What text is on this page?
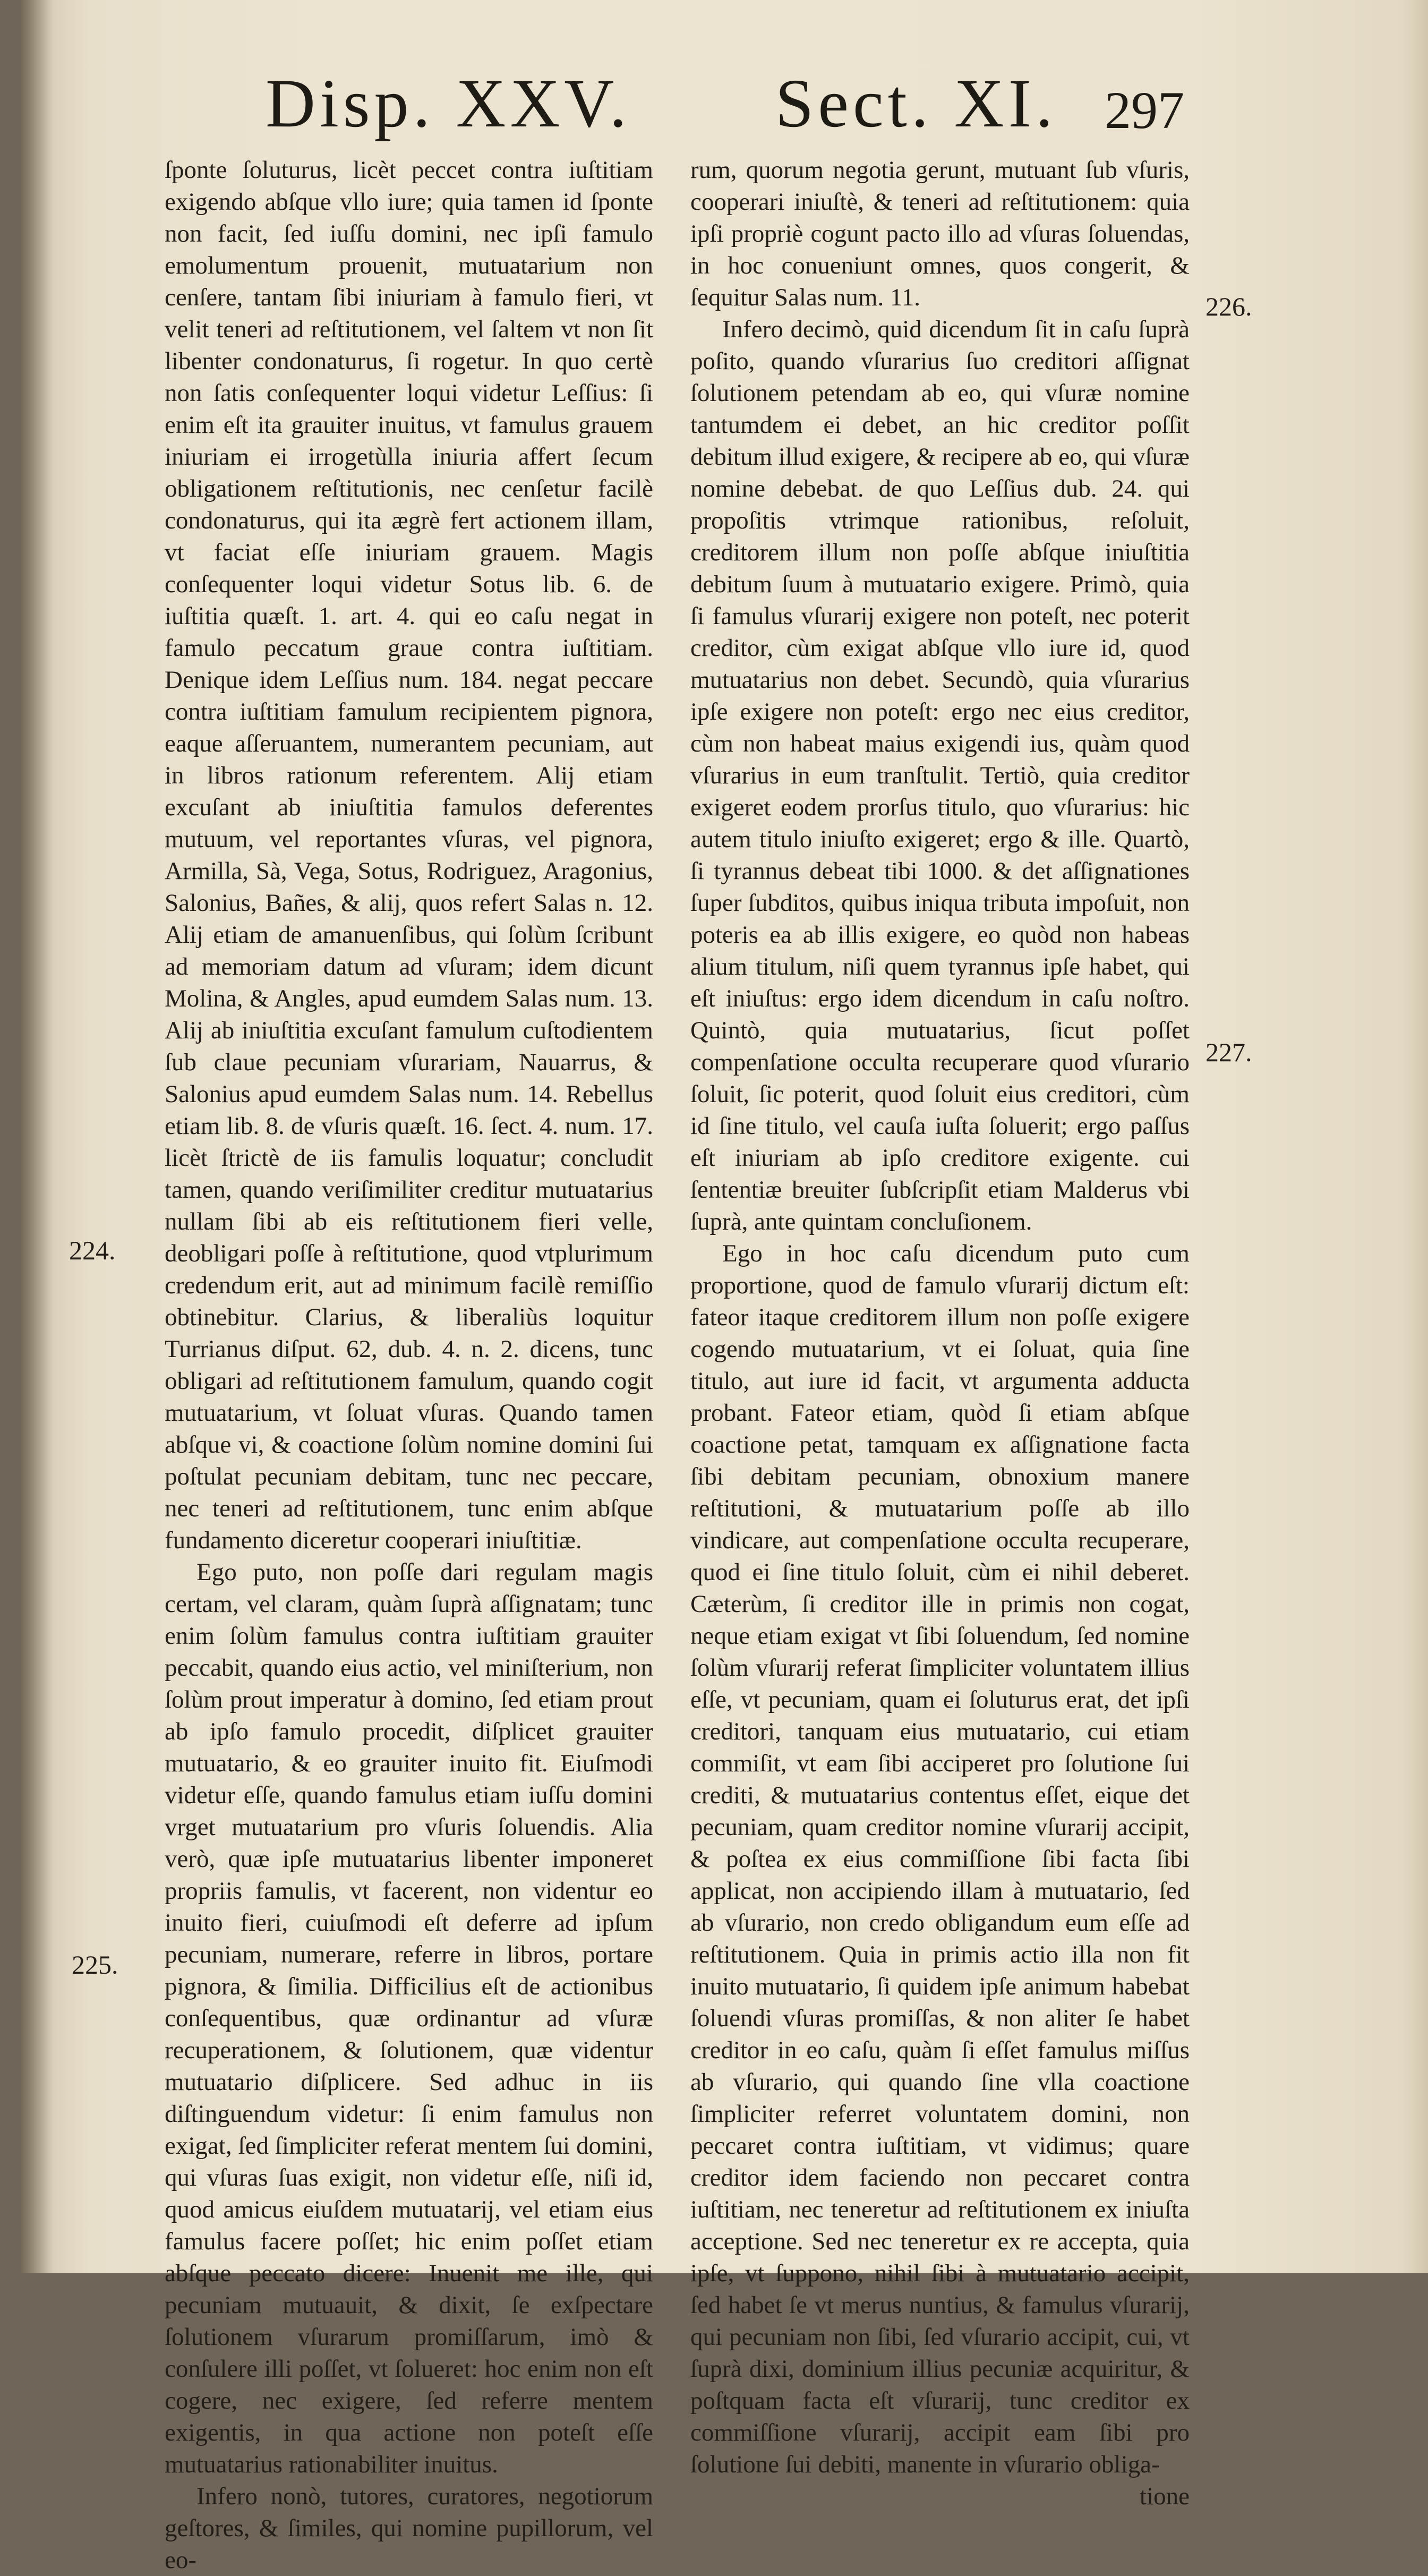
Disp. XXV. Sect. XI. 297
224.
225.
226.
227.

ſponte ſoluturus, licèt peccet contra iuſtitiam exigendo abſque vllo iure; quia tamen id ſponte non facit, ſed iuſſu domini, nec ipſi famulo emolumentum prouenit, mutuatarium non cenſere, tantam ſibi iniuriam à famulo fieri, vt velit teneri ad reſtitutionem, vel ſaltem vt non ſit libenter condonaturus, ſi rogetur. In quo certè non ſatis conſequenter loqui videtur Leſſius: ſi enim eſt ita grauiter inuitus, vt famulus grauem iniuriam ei irrogetùlla iniuria affert ſecum obligationem reſtitutionis, nec cenſetur facilè condonaturus, qui ita ægrè fert actionem illam, vt faciat eſſe iniuriam grauem. Magis conſequenter loqui videtur Sotus lib. 6. de iuſtitia quæſt. 1. art. 4. qui eo caſu negat in famulo peccatum graue contra iuſtitiam. Denique idem Leſſius num. 184. negat peccare contra iuſtitiam famulum recipientem pignora, eaque aſſeruantem, numerantem pecuniam, aut in libros rationum referentem. Alij etiam excuſant ab iniuſtitia famulos deferentes mutuum, vel reportantes vſuras, vel pignora, Armilla, Sà, Vega, Sotus, Rodriguez, Aragonius, Salonius, Bañes, & alij, quos refert Salas n. 12. Alij etiam de amanuenſibus, qui ſolùm ſcribunt ad memoriam datum ad vſuram; idem dicunt Molina, & Angles, apud eumdem Salas num. 13. Alij ab iniuſtitia excuſant famulum cuſtodientem ſub claue pecuniam vſurariam, Nauarrus, & Salonius apud eumdem Salas num. 14. Rebellus etiam lib. 8. de vſuris quæſt. 16. ſect. 4. num. 17. licèt ſtrictè de iis famulis loquatur; concludit tamen, quando veriſimiliter creditur mutuatarius nullam ſibi ab eis reſtitutionem fieri velle, deobligari poſſe à reſtitutione, quod vtplurimum credendum erit, aut ad minimum facilè remiſſio obtinebitur. Clarius, & liberaliùs loquitur Turrianus diſput. 62, dub. 4. n. 2. dicens, tunc obligari ad reſtitutionem famulum, quando cogit mutuatarium, vt ſoluat vſuras. Quando tamen abſque vi, & coactione ſolùm nomine domini ſui poſtulat pecuniam debitam, tunc nec peccare, nec teneri ad reſtitutionem, tunc enim abſque fundamento diceretur cooperari iniuſtitiæ.

Ego puto, non poſſe dari regulam magis certam, vel claram, quàm ſuprà aſſignatam; tunc enim ſolùm famulus contra iuſtitiam grauiter peccabit, quando eius actio, vel miniſterium, non ſolùm prout imperatur à domino, ſed etiam prout ab ipſo famulo procedit, diſplicet grauiter mutuatario, & eo grauiter inuito fit. Eiuſmodi videtur eſſe, quando famulus etiam iuſſu domini vrget mutuatarium pro vſuris ſoluendis. Alia verò, quæ ipſe mutuatarius libenter imponeret propriis famulis, vt facerent, non videntur eo inuito fieri, cuiuſmodi eſt deferre ad ipſum pecuniam, numerare, referre in libros, portare pignora, & ſimilia. Difficilius eſt de actionibus conſequentibus, quæ ordinantur ad vſuræ recuperationem, & ſolutionem, quæ videntur mutuatario diſplicere. Sed adhuc in iis diſtinguendum videtur: ſi enim famulus non exigat, ſed ſimpliciter referat mentem ſui domini, qui vſuras ſuas exigit, non videtur eſſe, niſi id, quod amicus eiuſdem mutuatarij, vel etiam eius famulus facere poſſet; hic enim poſſet etiam abſque peccato dicere: Inuenit me ille, qui pecuniam mutuauit, & dixit, ſe exſpectare ſolutionem vſurarum promiſſarum, imò & conſulere illi poſſet, vt ſolueret: hoc enim non eſt cogere, nec exigere, ſed referre mentem exigentis, in qua actione non poteſt eſſe mutuatarius rationabiliter inuitus.

Infero nonò, tutores, curatores, negotiorum geſtores, & ſimiles, qui nomine pupillorum, vel eo-

rum, quorum negotia gerunt, mutuant ſub vſuris, cooperari iniuſtè, & teneri ad reſtitutionem: quia ipſi propriè cogunt pacto illo ad vſuras ſoluendas, in hoc conueniunt omnes, quos congerit, & ſequitur Salas num. 11.

Infero decimò, quid dicendum ſit in caſu ſuprà poſito, quando vſurarius ſuo creditori aſſignat ſolutionem petendam ab eo, qui vſuræ nomine tantumdem ei debet, an hic creditor poſſit debitum illud exigere, & recipere ab eo, qui vſuræ nomine debebat. de quo Leſſius dub. 24. qui propoſitis vtrimque rationibus, reſoluit, creditorem illum non poſſe abſque iniuſtitia debitum ſuum à mutuatario exigere. Primò, quia ſi famulus vſurarij exigere non poteſt, nec poterit creditor, cùm exigat abſque vllo iure id, quod mutuatarius non debet. Secundò, quia vſurarius ipſe exigere non poteſt: ergo nec eius creditor, cùm non habeat maius exigendi ius, quàm quod vſurarius in eum tranſtulit. Tertiò, quia creditor exigeret eodem prorſus titulo, quo vſurarius: hic autem titulo iniuſto exigeret; ergo & ille. Quartò, ſi tyrannus debeat tibi 1000. & det aſſignationes ſuper ſubditos, quibus iniqua tributa impoſuit, non poteris ea ab illis exigere, eo quòd non habeas alium titulum, niſi quem tyrannus ipſe habet, qui eſt iniuſtus: ergo idem dicendum in caſu noſtro. Quintò, quia mutuatarius, ſicut poſſet compenſatione occulta recuperare quod vſurario ſoluit, ſic poterit, quod ſoluit eius creditori, cùm id ſine titulo, vel cauſa iuſta ſoluerit; ergo paſſus eſt iniuriam ab ipſo creditore exigente. cui ſententiæ breuiter ſubſcripſit etiam Malderus vbi ſuprà, ante quintam concluſionem.

Ego in hoc caſu dicendum puto cum proportione, quod de famulo vſurarij dictum eſt: fateor itaque creditorem illum non poſſe exigere cogendo mutuatarium, vt ei ſoluat, quia ſine titulo, aut iure id facit, vt argumenta adducta probant. Fateor etiam, quòd ſi etiam abſque coactione petat, tamquam ex aſſignatione facta ſibi debitam pecuniam, obnoxium manere reſtitutioni, & mutuatarium poſſe ab illo vindicare, aut compenſatione occulta recuperare, quod ei ſine titulo ſoluit, cùm ei nihil deberet. Cæterùm, ſi creditor ille in primis non cogat, neque etiam exigat vt ſibi ſoluendum, ſed nomine ſolùm vſurarij referat ſimpliciter voluntatem illius eſſe, vt pecuniam, quam ei ſoluturus erat, det ipſi creditori, tanquam eius mutuatario, cui etiam commiſit, vt eam ſibi acciperet pro ſolutione ſui crediti, & mutuatarius contentus eſſet, eique det pecuniam, quam creditor nomine vſurarij accipit, & poſtea ex eius commiſſione ſibi facta ſibi applicat, non accipiendo illam à mutuatario, ſed ab vſurario, non credo obligandum eum eſſe ad reſtitutionem. Quia in primis actio illa non fit inuito mutuatario, ſi quidem ipſe animum habebat ſoluendi vſuras promiſſas, & non aliter ſe habet creditor in eo caſu, quàm ſi eſſet famulus miſſus ab vſurario, qui quando ſine vlla coactione ſimpliciter referret voluntatem domini, non peccaret contra iuſtitiam, vt vidimus; quare creditor idem faciendo non peccaret contra iuſtitiam, nec teneretur ad reſtitutionem ex iniuſta acceptione. Sed nec teneretur ex re accepta, quia ipſe, vt ſuppono, nihil ſibi à mutuatario accipit, ſed habet ſe vt merus nuntius, & famulus vſurarij, qui pecuniam non ſibi, ſed vſurario accipit, cui, vt ſuprà dixi, dominium illius pecuniæ acquiritur, & poſtquam facta eſt vſurarij, tunc creditor ex commiſſione vſurarij, accipit eam ſibi pro ſolutione ſui debiti, manente in vſurario obliga-

tione
